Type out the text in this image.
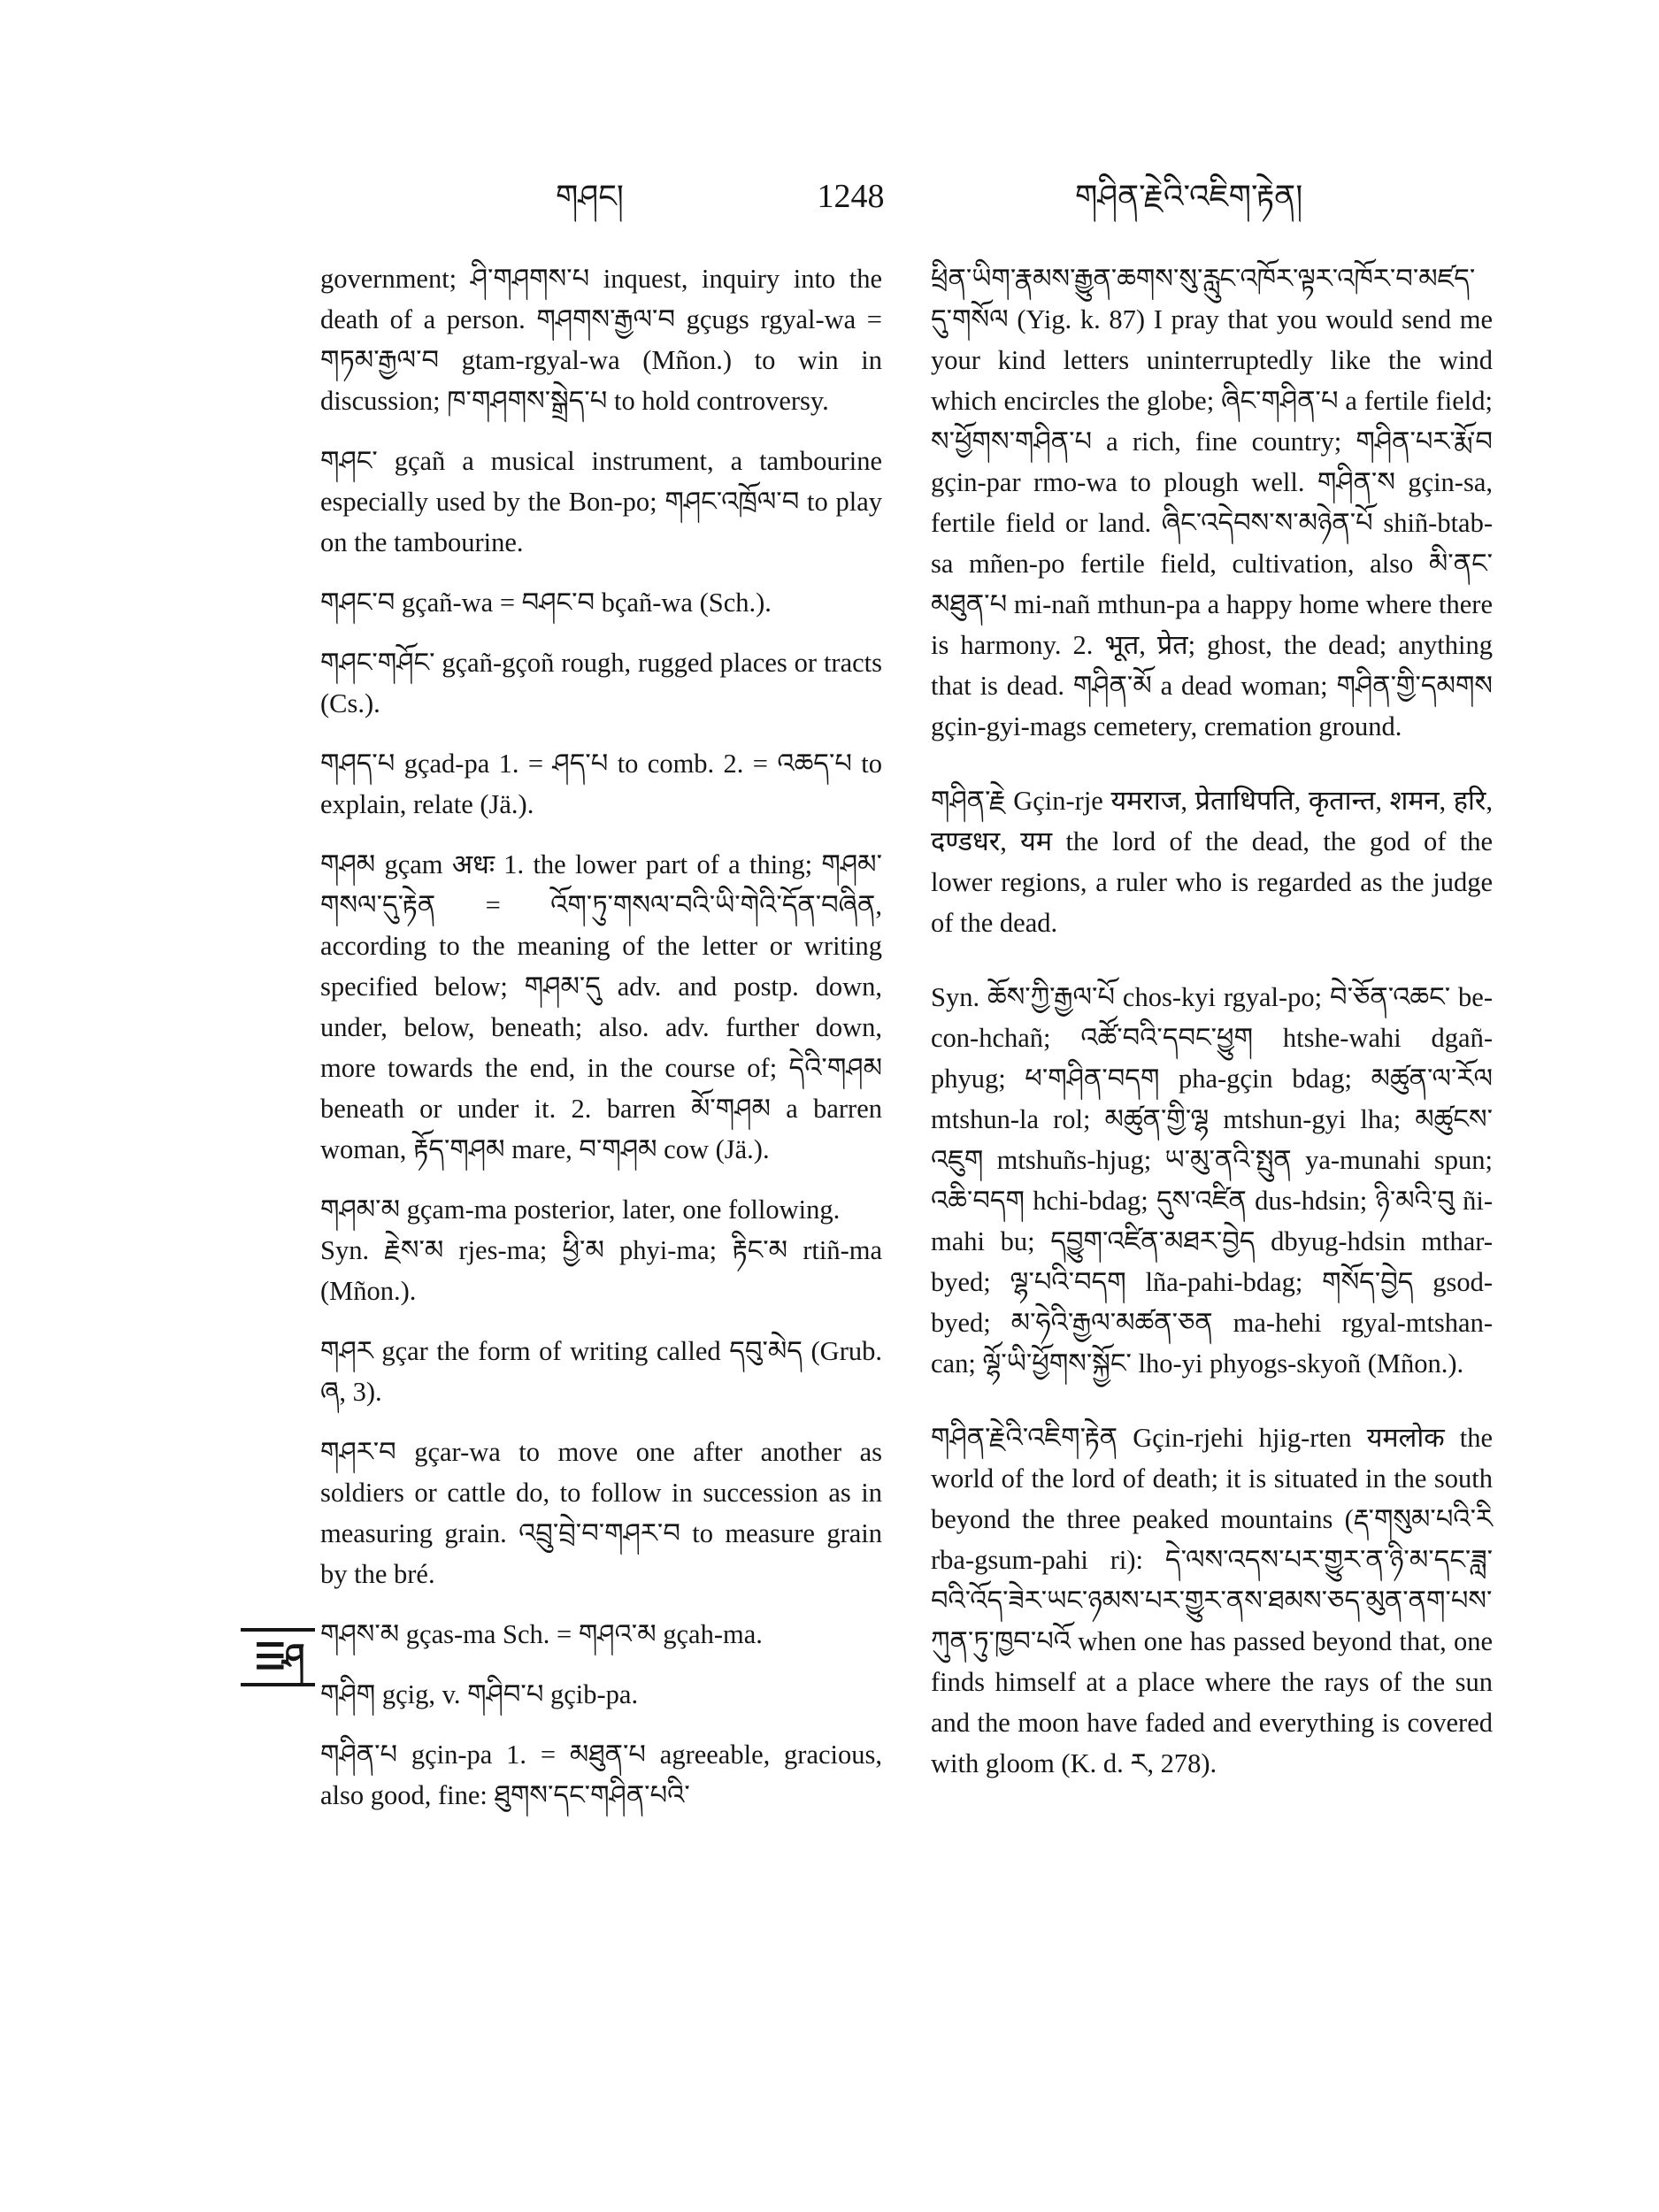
གཤང།	1248	གཤིན་རྗེའི་འཇིག་རྟེན།
☰ཤ

government; ཤི་གཤགས་པ inquest, inquiry into the death of a person. གཤགས་རྒྱལ་བ gçugs rgyal-wa = གཏམ་རྒྱལ་བ gtam-rgyal-wa (Mñon.) to win in discussion; ཁ་གཤགས་སྒྲེད་པ to hold controversy.

གཤང་ gçañ a musical instrument, a tambourine especially used by the Bon-po; གཤང་འཁྲོལ་བ to play on the tambourine.

གཤང་བ gçañ-wa = བཤང་བ bçañ-wa (Sch.).

གཤང་གཤོང་ gçañ-gçoñ rough, rugged places or tracts (Cs.).

གཤད་པ gçad-pa 1. = ཤད་པ to comb. 2. = འཆད་པ to explain, relate (Jä.).

གཤམ gçam अधः 1. the lower part of a thing; གཤམ་གསལ་དུ་རྟེན = འོག་ཏུ་གསལ་བའི་ཡི་གེའི་དོན་བཞིན, according to the meaning of the letter or writing specified below; གཤམ་དུ adv. and postp. down, under, below, beneath; also. adv. further down, more towards the end, in the course of; དེའི་གཤམ beneath or under it. 2. barren མོ་གཤམ a barren woman, རྟོད་གཤམ mare, བ་གཤམ cow (Jä.).

གཤམ་མ gçam-ma posterior, later, one following.

Syn. རྗེས་མ rjes-ma; ཕྱི་མ phyi-ma; རྟིང་མ rtiñ-ma (Mñon.).

གཤར gçar the form of writing called དབུ་མེད (Grub. ཞ, 3).

གཤར་བ gçar-wa to move one after another as soldiers or cattle do, to follow in succession as in measuring grain. འབྲུ་བྲེ་བ་གཤར་བ to measure grain by the bré.

གཤས་མ gças-ma Sch. = གཤའ་མ gçah-ma.

གཤིག gçig, v. གཤིབ་པ gçib-pa.

གཤིན་པ gçin-pa 1. = མཐུན་པ agreeable, gracious, also good, fine: ཐུགས་དང་གཤིན་པའི་

ཕྲིན་ཡིག་རྣམས་རྒྱུན་ཆགས་སུ་རླུང་འཁོར་ལྟར་འཁོར་བ་མཛད་དུ་གསོལ (Yig. k. 87) I pray that you would send me your kind letters uninterruptedly like the wind which encircles the globe; ཞིང་གཤིན་པ a fertile field; ས་ཕྱོགས་གཤིན་པ a rich, fine country; གཤིན་པར་རྨོ་བ gçin-par rmo-wa to plough well. གཤིན་ས gçin-sa, fertile field or land. ཞིང་འདེབས་ས་མཉེན་པོ shiñ-btab-sa mñen-po fertile field, cultivation, also མི་ནང་མཐུན་པ mi-nañ mthun-pa a happy home where there is harmony. 2. भूत, प्रेत; ghost, the dead; anything that is dead. གཤིན་མོ a dead woman; གཤིན་གྱི་དམགས gçin-gyi-mags cemetery, cremation ground.

གཤིན་རྗེ Gçin-rje यमराज, प्रेताधिपति, कृतान्त, शमन, हरि, दण्डधर, यम the lord of the dead, the god of the lower regions, a ruler who is regarded as the judge of the dead.

Syn. ཆོས་ཀྱི་རྒྱལ་པོ chos-kyi rgyal-po; བེ་ཅོན་འཆང་ be-con-hchañ; འཚོ་བའི་དབང་ཕྱུག htshe-wahi dgañ-phyug; ཕ་གཤིན་བདག pha-gçin bdag; མཚུན་ལ་རོལ mtshun-la rol; མཚུན་གྱི་ལྷ mtshun-gyi lha; མཚུངས་འཇུག mtshuñs-hjug; ཡ་མུ་ནའི་སྤུན ya-munahi spun; འཆི་བདག hchi-bdag; དུས་འཛིན dus-hdsin; ཉི་མའི་བུ ñi-mahi bu; དབྱུག་འཛིན་མཐར་བྱེད dbyug-hdsin mthar-byed; ལྷ་པའི་བདག lña-pahi-bdag; གསོད་བྱེད gsod-byed; མ་ཧེའི་རྒྱལ་མཚན་ཅན ma-hehi rgyal-mtshan-can; ལྷོ་ཡི་ཕྱོགས་སྐྱོང་ lho-yi phyogs-skyoñ (Mñon.).

གཤིན་རྗེའི་འཇིག་རྟེན Gçin-rjehi hjig-rten यमलोक the world of the lord of death; it is situated in the south beyond the three peaked mountains (རྡ་གསུམ་པའི་རི rba-gsum-pahi ri): དེ་ལས་འདས་པར་གྱུར་ན་ཉི་མ་དང་ཟླ་བའི་འོད་ཟེར་ཡང་ཉམས་པར་གྱུར་ནས་ཐམས་ཅད་མུན་ནག་པས་ཀུན་ཏུ་ཁྱབ་པའོ when one has passed beyond that, one finds himself at a place where the rays of the sun and the moon have faded and everything is covered with gloom (K. d. ར, 278).
